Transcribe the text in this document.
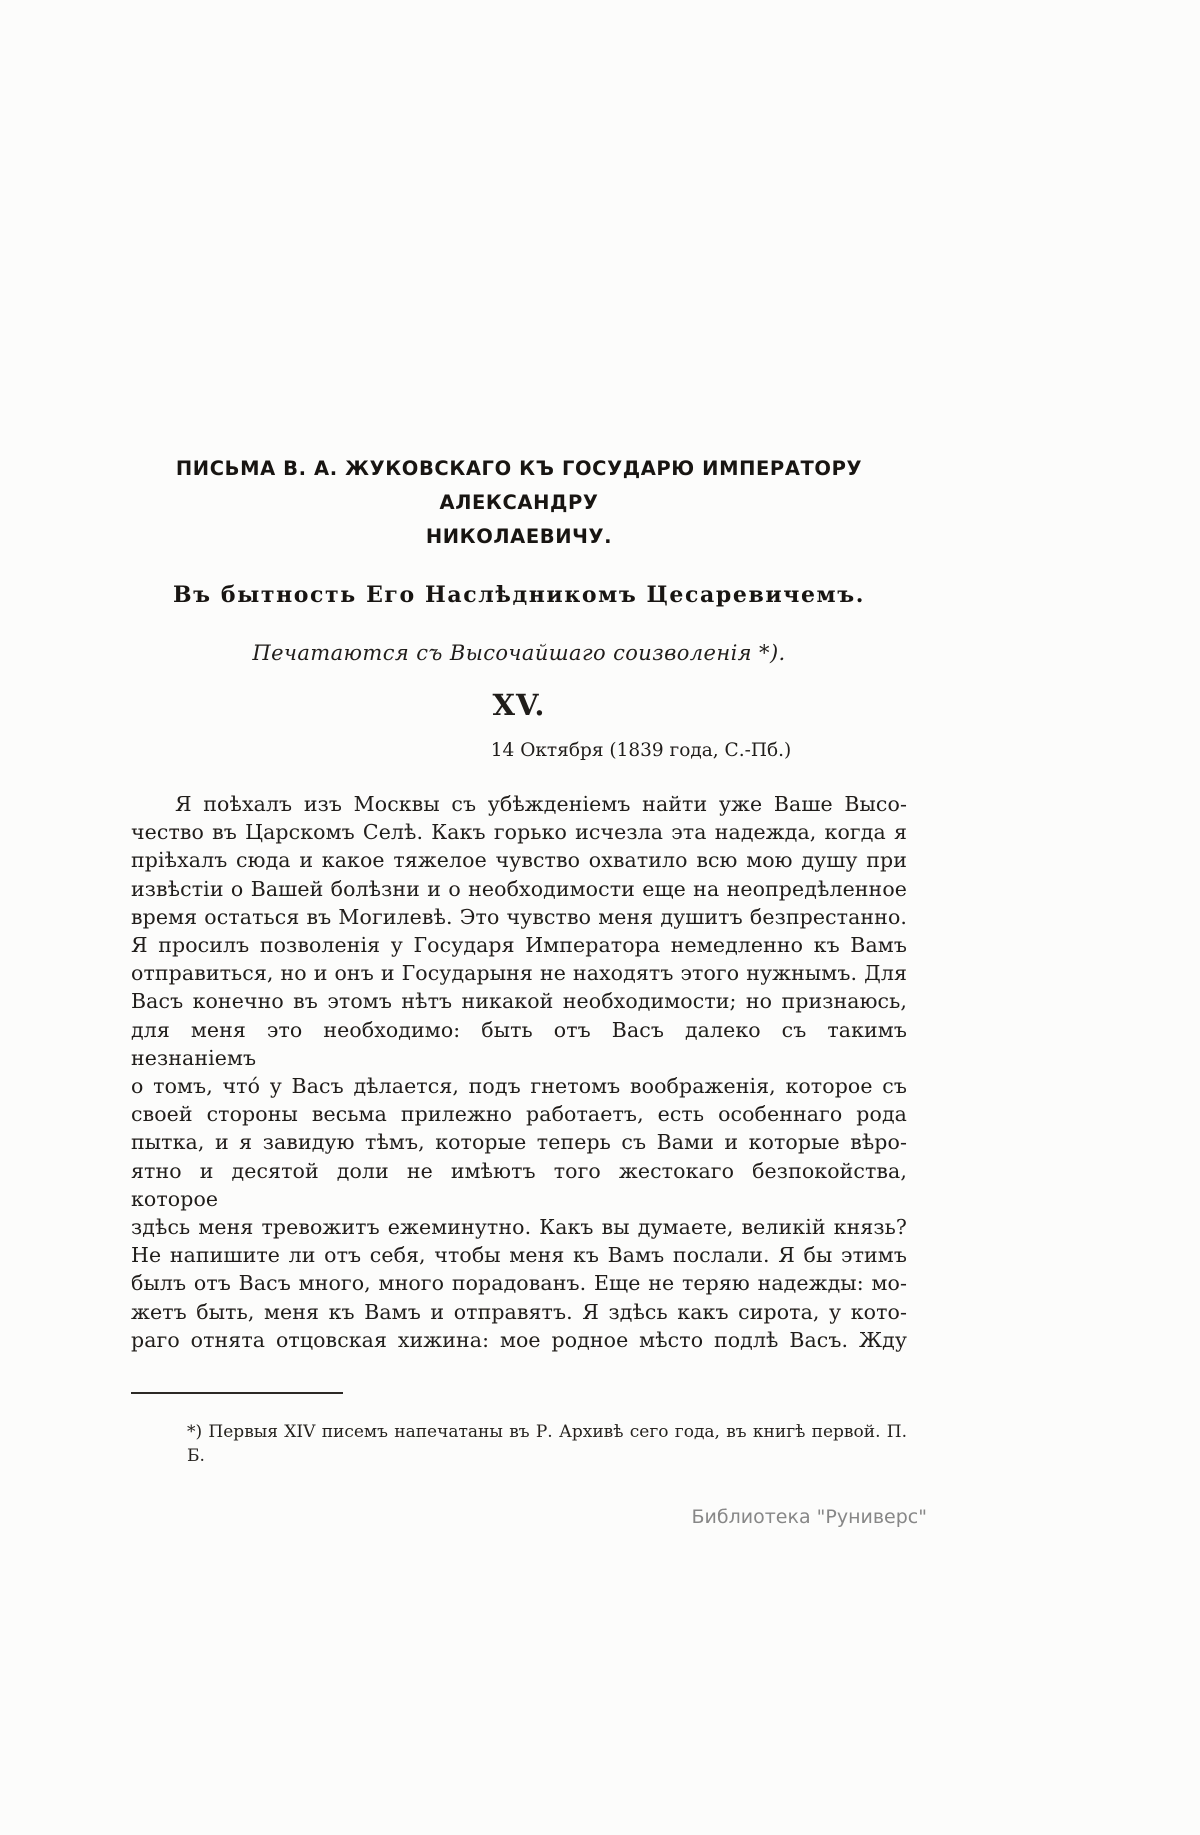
ПИСЬМА В. А. ЖУКОВСКАГО КЪ ГОСУДАРЮ ИМПЕРАТОРУ АЛЕКСАНДРУ
НИКОЛАЕВИЧУ.
Въ бытность Его Наслѣдникомъ Цесаревичемъ.
Печатаются съ Высочайшаго соизволенія *).
XV.
14 Октября (1839 года, С.-Пб.)
Я поѣхалъ изъ Москвы съ убѣжденіемъ найти уже Ваше Высо-
чество въ Царскомъ Селѣ. Какъ горько исчезла эта надежда, когда я
пріѣхалъ сюда и какое тяжелое чувство охватило всю мою душу при
извѣстіи о Вашей болѣзни и о необходимости еще на неопредѣленное
время остаться въ Могилевѣ. Это чувство меня душитъ безпрестанно.
Я просилъ позволенія у Государя Императора немедленно къ Вамъ
отправиться, но и онъ и Государыня не находятъ этого нужнымъ. Для
Васъ конечно въ этомъ нѣтъ никакой необходимости; но признаюсь,
для меня это необходимо: быть отъ Васъ далеко съ такимъ незнаніемъ
о томъ, что́ у Васъ дѣлается, подъ гнетомъ воображенія, которое съ
своей стороны весьма прилежно работаетъ, есть особеннаго рода
пытка, и я завидую тѣмъ, которые теперь съ Вами и которые вѣро-
ятно и десятой доли не имѣютъ того жестокаго безпокойства, которое
здѣсь меня тревожитъ ежеминутно. Какъ вы думаете, великій князь?
Не напишите ли отъ себя, чтобы меня къ Вамъ послали. Я бы этимъ
былъ отъ Васъ много, много порадованъ. Еще не теряю надежды: мо-
жетъ быть, меня къ Вамъ и отправятъ. Я здѣсь какъ сирота, у кото-
раго отнята отцовская хижина: мое родное мѣсто подлѣ Васъ. Жду
*) Первыя XIV писемъ напечатаны въ Р. Архивѣ сего года, въ книгѣ первой. П. Б.
Библиотека "Руниверс"
